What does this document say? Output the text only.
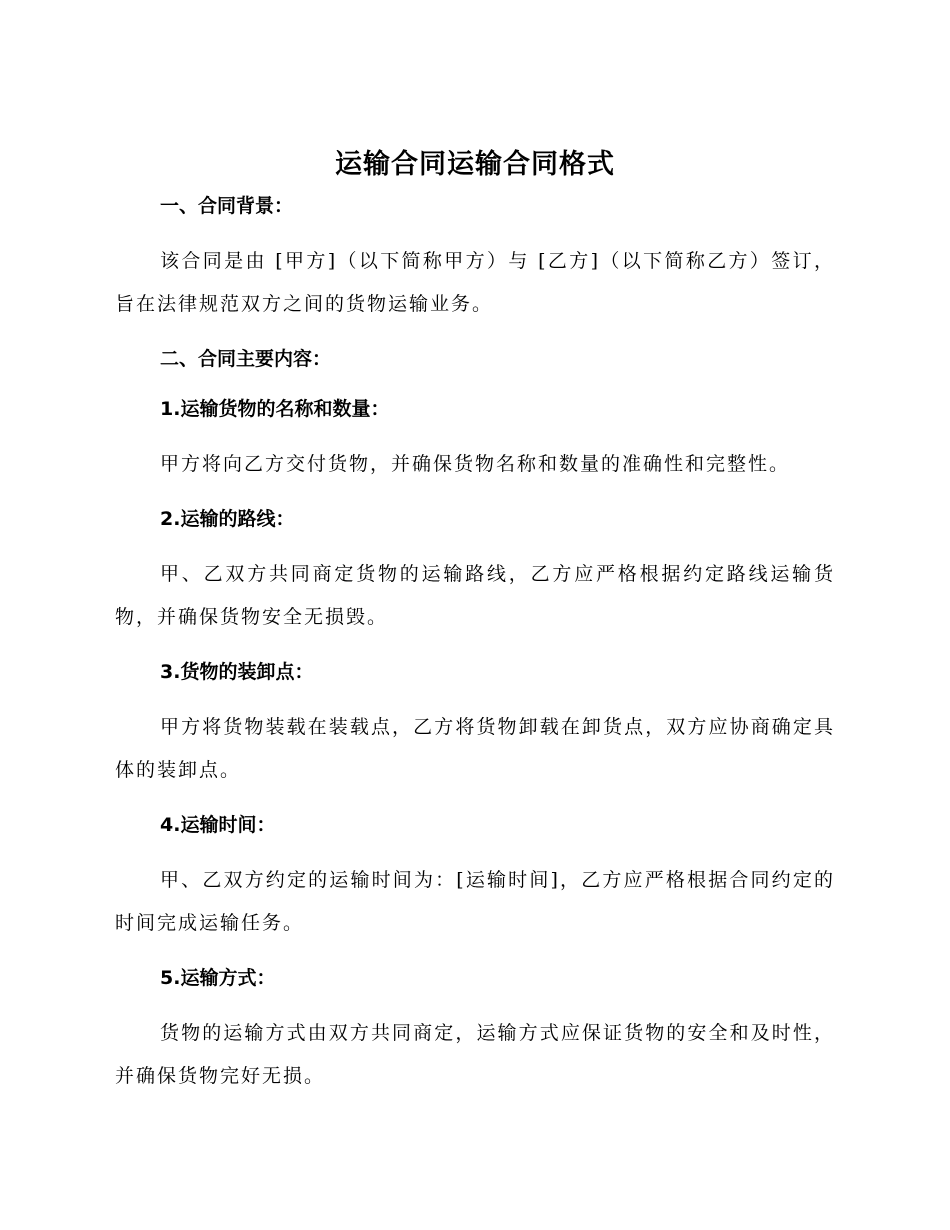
运输合同运输合同格式

一、合同背景：

该合同是由 [甲方]（以下简称甲方）与 [乙方]（以下简称乙方）签订，旨在法律规范双方之间的货物运输业务。

二、合同主要内容：

1.运输货物的名称和数量：

甲方将向乙方交付货物，并确保货物名称和数量的准确性和完整性。

2.运输的路线：

甲、乙双方共同商定货物的运输路线，乙方应严格根据约定路线运输货物，并确保货物安全无损毁。

3.货物的装卸点：

甲方将货物装载在装载点，乙方将货物卸载在卸货点，双方应协商确定具体的装卸点。

4.运输时间：

甲、乙双方约定的运输时间为：[运输时间]，乙方应严格根据合同约定的时间完成运输任务。

5.运输方式：

货物的运输方式由双方共同商定，运输方式应保证货物的安全和及时性，并确保货物完好无损。
